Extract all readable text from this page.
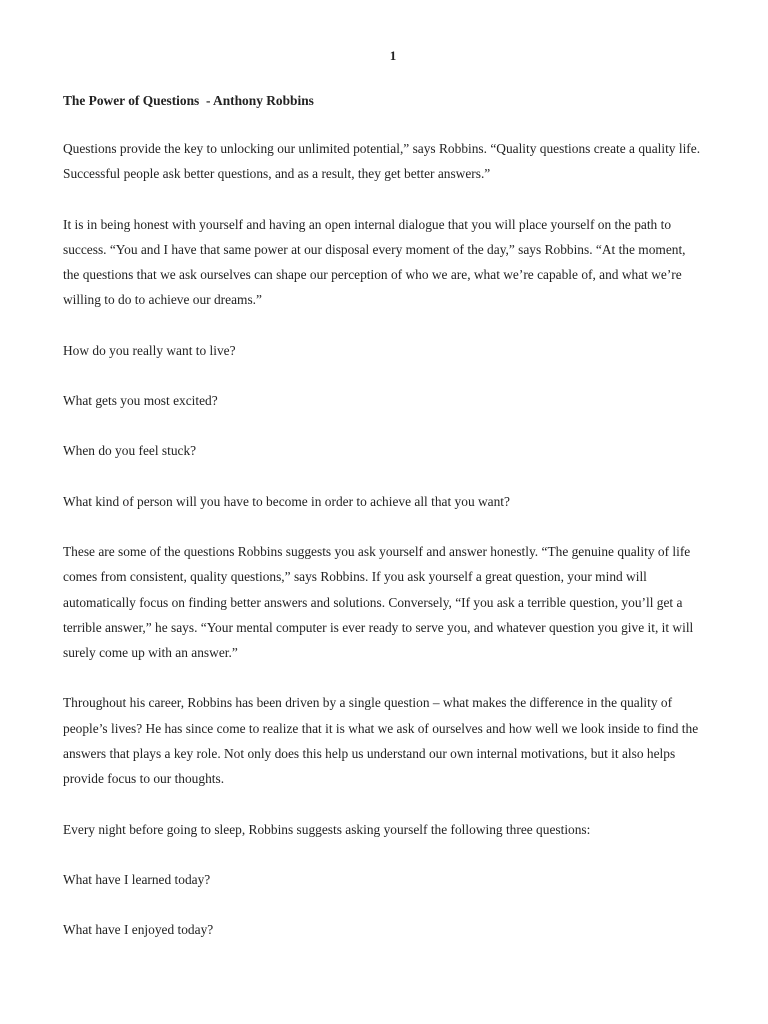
1
The Power of Questions  - Anthony Robbins
Questions provide the key to unlocking our unlimited potential,” says Robbins. “Quality questions create a quality life.
Successful people ask better questions, and as a result, they get better answers.”
It is in being honest with yourself and having an open internal dialogue that you will place yourself on the path to
success. “You and I have that same power at our disposal every moment of the day,” says Robbins. “At the moment,
the questions that we ask ourselves can shape our perception of who we are, what we’re capable of, and what we’re
willing to do to achieve our dreams.”
How do you really want to live?
What gets you most excited?
When do you feel stuck?
What kind of person will you have to become in order to achieve all that you want?
These are some of the questions Robbins suggests you ask yourself and answer honestly. “The genuine quality of life
comes from consistent, quality questions,” says Robbins. If you ask yourself a great question, your mind will
automatically focus on finding better answers and solutions. Conversely, “If you ask a terrible question, you’ll get a
terrible answer,” he says. “Your mental computer is ever ready to serve you, and whatever question you give it, it will
surely come up with an answer.”
Throughout his career, Robbins has been driven by a single question – what makes the difference in the quality of
people’s lives? He has since come to realize that it is what we ask of ourselves and how well we look inside to find the
answers that plays a key role. Not only does this help us understand our own internal motivations, but it also helps
provide focus to our thoughts.
Every night before going to sleep, Robbins suggests asking yourself the following three questions:
What have I learned today?
What have I enjoyed today?
